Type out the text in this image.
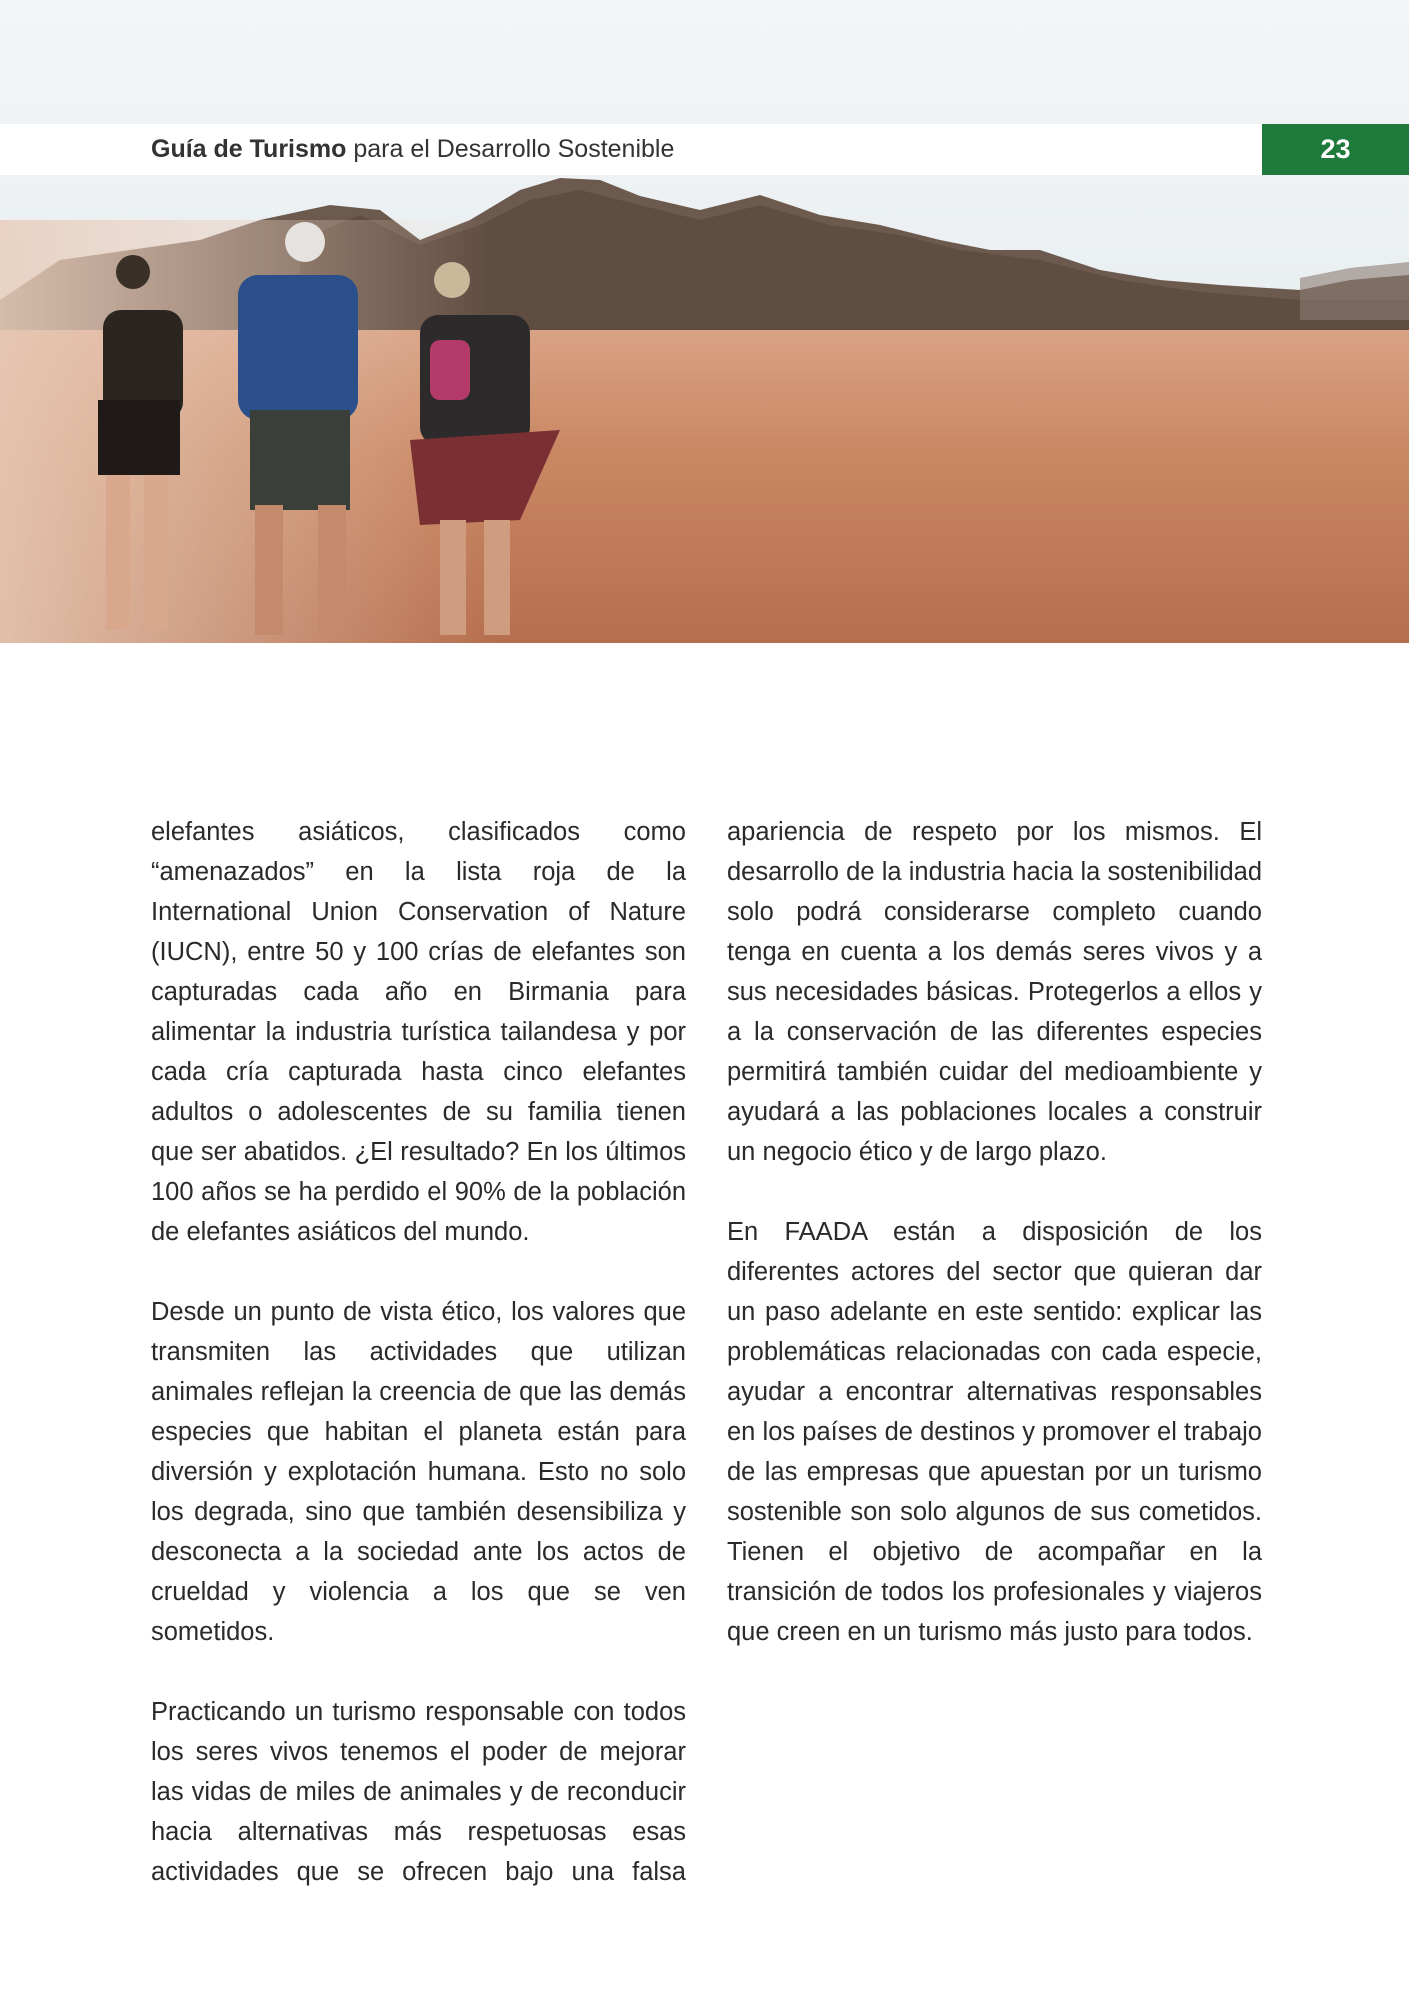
Guía de Turismo para el Desarrollo Sostenible	23

elefantes asiáticos, clasificados como “amenazados” en la lista roja de la International Union Conservation of Nature (IUCN), entre 50 y 100 crías de elefantes son capturadas cada año en Birmania para alimentar la industria turística tailandesa y por cada cría capturada hasta cinco elefantes adultos o adolescentes de su familia tienen que ser abatidos. ¿El resultado? En los últimos 100 años se ha perdido el 90% de la población de elefantes asiáticos del mundo.

Desde un punto de vista ético, los valores que transmiten las actividades que utilizan animales reflejan la creencia de que las demás especies que habitan el planeta están para diversión y explotación humana. Esto no solo los degrada, sino que también desensibiliza y desconecta a la sociedad ante los actos de crueldad y violencia a los que se ven sometidos.

Practicando un turismo responsable con todos los seres vivos tenemos el poder de mejorar las vidas de miles de animales y de reconducir hacia alternativas más respetuosas esas actividades que se ofrecen bajo una falsa

apariencia de respeto por los mismos. El desarrollo de la industria hacia la sostenibilidad solo podrá considerarse completo cuando tenga en cuenta a los demás seres vivos y a sus necesidades básicas. Protegerlos a ellos y a la conservación de las diferentes especies permitirá también cuidar del medioambiente y ayudará a las poblaciones locales a construir un negocio ético y de largo plazo.

En FAADA están a disposición de los diferentes actores del sector que quieran dar un paso adelante en este sentido: explicar las problemáticas relacionadas con cada especie, ayudar a encontrar alternativas responsables en los países de destinos y promover el trabajo de las empresas que apuestan por un turismo sostenible son solo algunos de sus cometidos. Tienen el objetivo de acompañar en la transición de todos los profesionales y viajeros que creen en un turismo más justo para todos.
